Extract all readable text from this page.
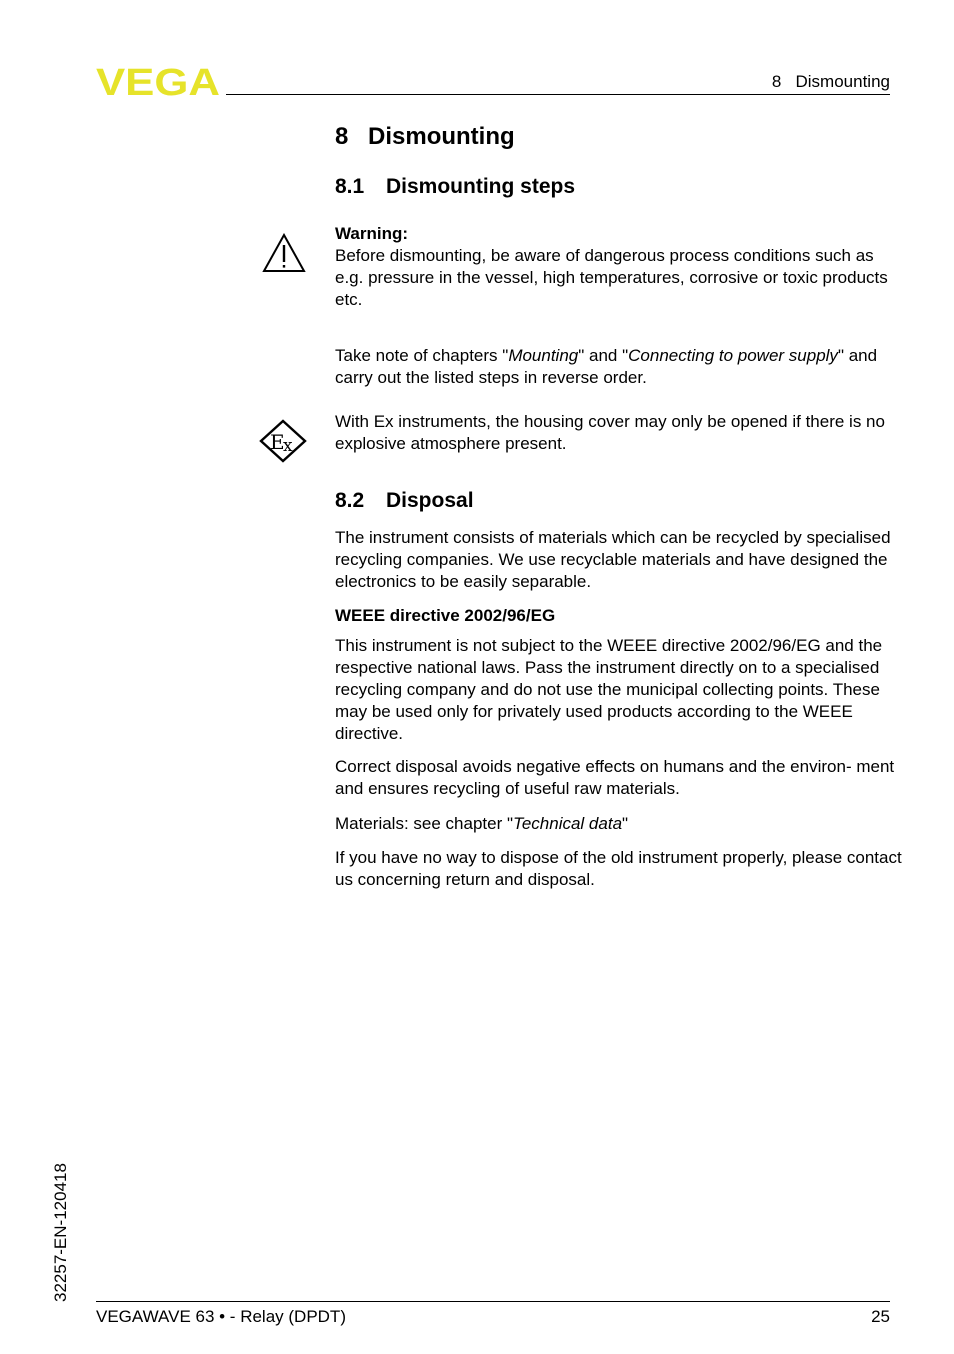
VEGA	8   Dismounting
8 Dismounting
8.1 Dismounting steps

Warning:

Before dismounting, be aware of dangerous process conditions such as e.g. pressure in the vessel, high temperatures, corrosive or toxic products etc.

Take note of chapters "Mounting" and "Connecting to power supply" and carry out the listed steps in reverse order.

E
x

With Ex instruments, the housing cover may only be opened if there is no explosive atmosphere present.

8.2 Disposal

The instrument consists of materials which can be recycled by specialised recycling companies. We use recyclable materials and have designed the electronics to be easily separable.

WEEE directive 2002/96/EG

This instrument is not subject to the WEEE directive 2002/96/EG and the respective national laws. Pass the instrument directly on to a specialised recycling company and do not use the municipal collecting points. These may be used only for privately used products according to the WEEE directive.

Correct disposal avoids negative effects on humans and the environ- ment and ensures recycling of useful raw materials.

Materials: see chapter "Technical data"

If you have no way to dispose of the old instrument properly, please contact us concerning return and disposal.

32257-EN-120418
VEGAWAVE 63 • - Relay (DPDT)	25
